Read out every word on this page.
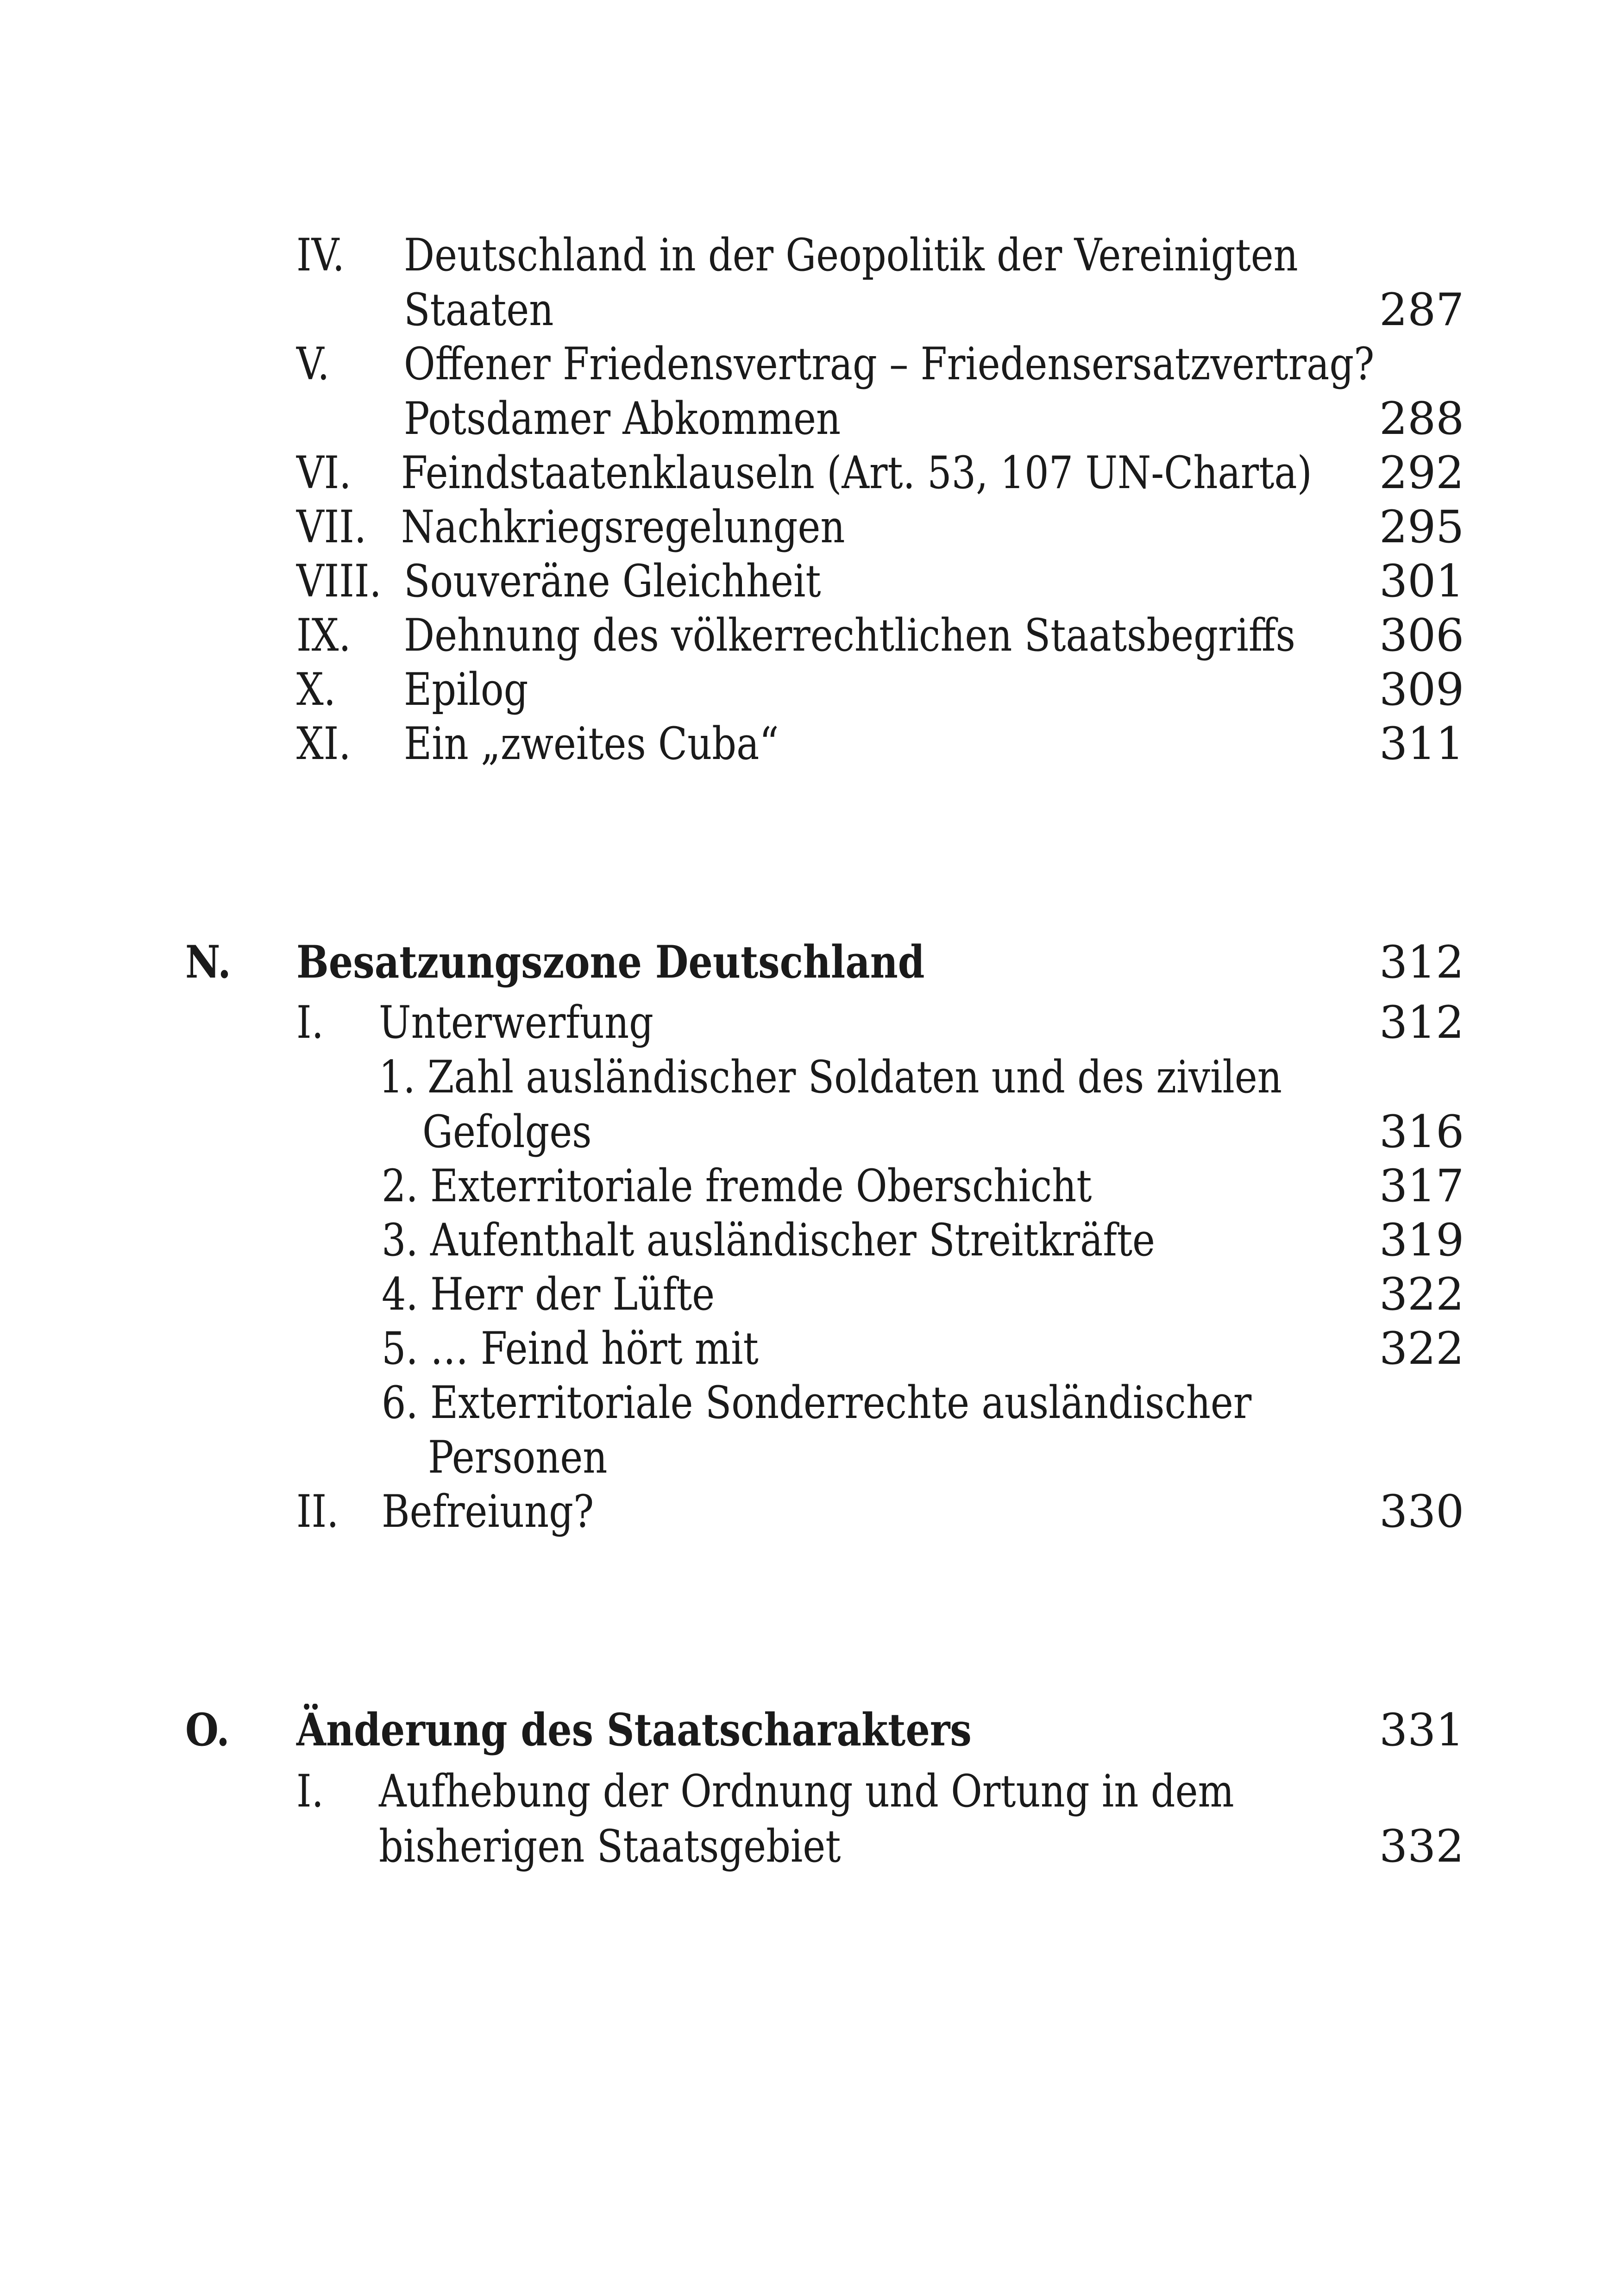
IV. Deutschland in der Geopolitik der Vereinigten
Staaten	287
V. Offener Friedensvertrag – Friedensersatzvertrag?
Potsdamer Abkommen	288
VI. Feindstaatenklauseln (Art. 53, 107 UN-Charta) 292
VII. Nachkriegsregelungen	295
VIII. Souveräne Gleichheit	301
IX. Dehnung des völkerrechtlichen Staatsbegriffs 306
X. Epilog	309
XI. Ein „zweites Cuba“	311
N. Besatzungszone Deutschland	312
I. Unterwerfung	312
1. Zahl ausländischer Soldaten und des zivilen
Gefolges	316
2. Exterritoriale fremde Oberschicht	317
3. Aufenthalt ausländischer Streitkräfte	319
4. Herr der Lüfte	322
5. … Feind hört mit	322
6. Exterritoriale Sonderrechte ausländischer
Personen
II. Befreiung?	330
O. Änderung des Staatscharakters	331
I. Aufhebung der Ordnung und Ortung in dem
bisherigen Staatsgebiet	332
